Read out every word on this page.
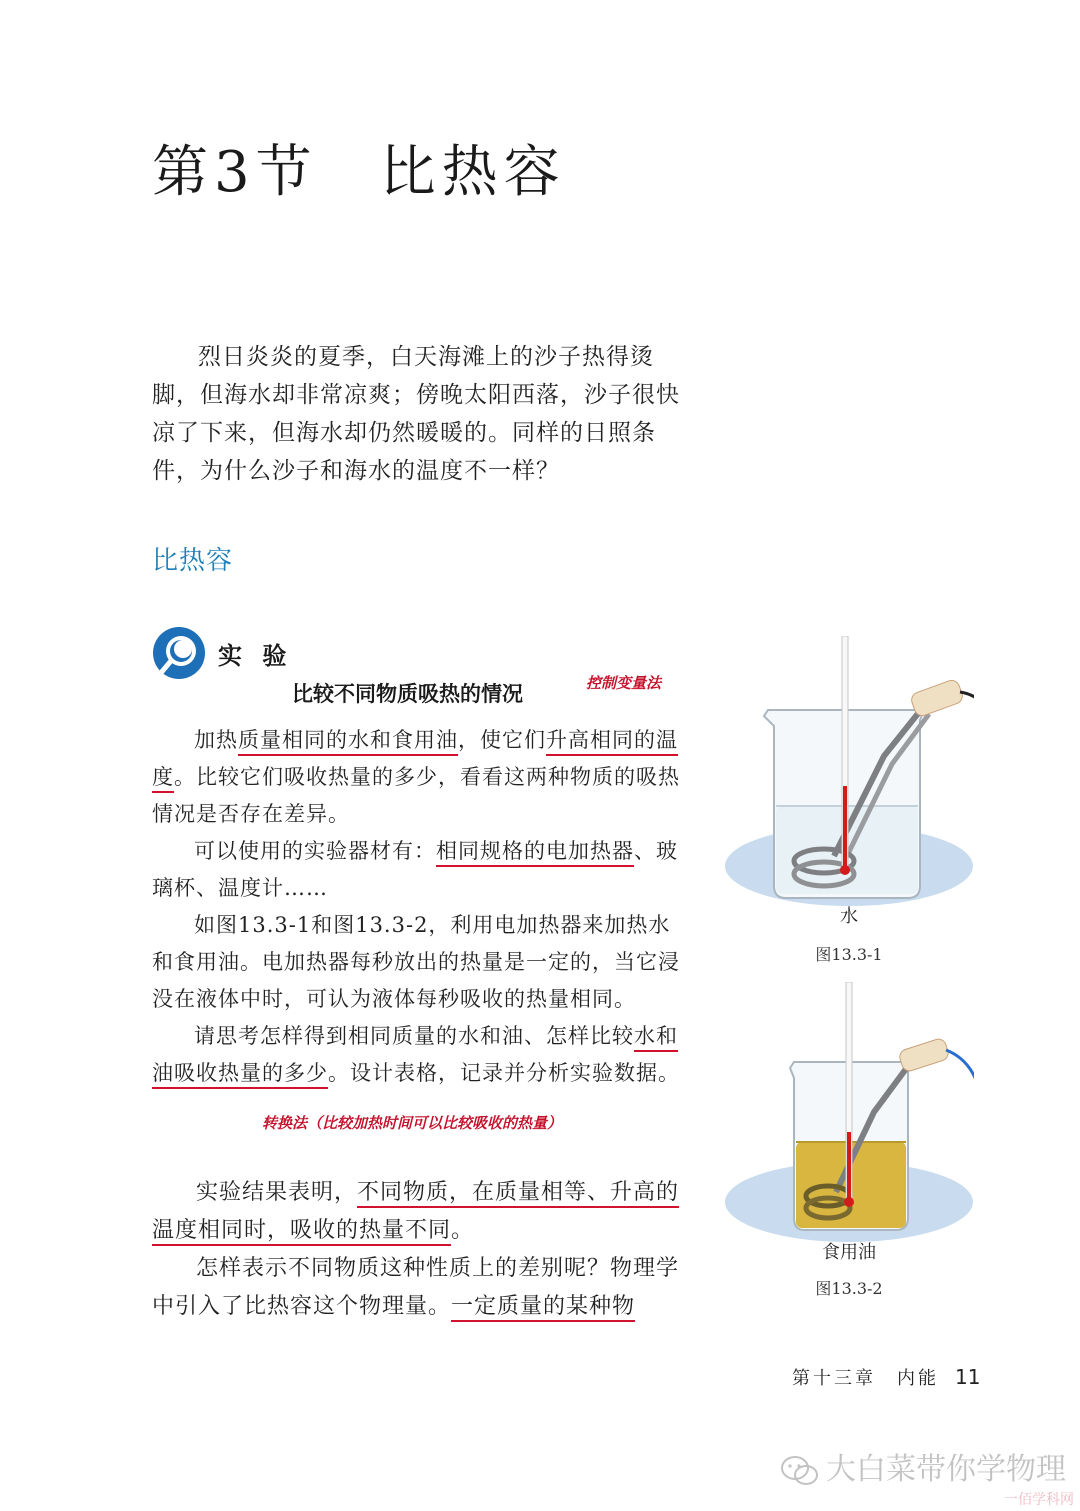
第3节　比热容

烈日炎炎的夏季，白天海滩上的沙子热得烫脚，但海水却非常凉爽；傍晚太阳西落，沙子很快凉了下来，但海水却仍然暖暖的。同样的日照条件，为什么沙子和海水的温度不一样？

比热容
实 验
比较不同物质吸热的情况	控制变量法

加热质量相同的水和食用油，使它们升高相同的温度。比较它们吸收热量的多少，看看这两种物质的吸热情况是否存在差异。

可以使用的实验器材有：相同规格的电加热器、玻璃杯、温度计……

如图13.3-1和图13.3-2，利用电加热器来加热水和食用油。电加热器每秒放出的热量是一定的，当它浸没在液体中时，可认为液体每秒吸收的热量相同。

请思考怎样得到相同质量的水和油、怎样比较水和油吸收热量的多少。设计表格，记录并分析实验数据。

转换法（比较加热时间可以比较吸收的热量）

实验结果表明，不同物质，在质量相等、升高的温度相同时，吸收的热量不同。

怎样表示不同物质这种性质上的差别呢？物理学中引入了比热容这个物理量。一定质量的某种物

水
图13.3-1
食用油
图13.3-2
第十三章　内能 11
大白菜带你学物理
一佰学科网
